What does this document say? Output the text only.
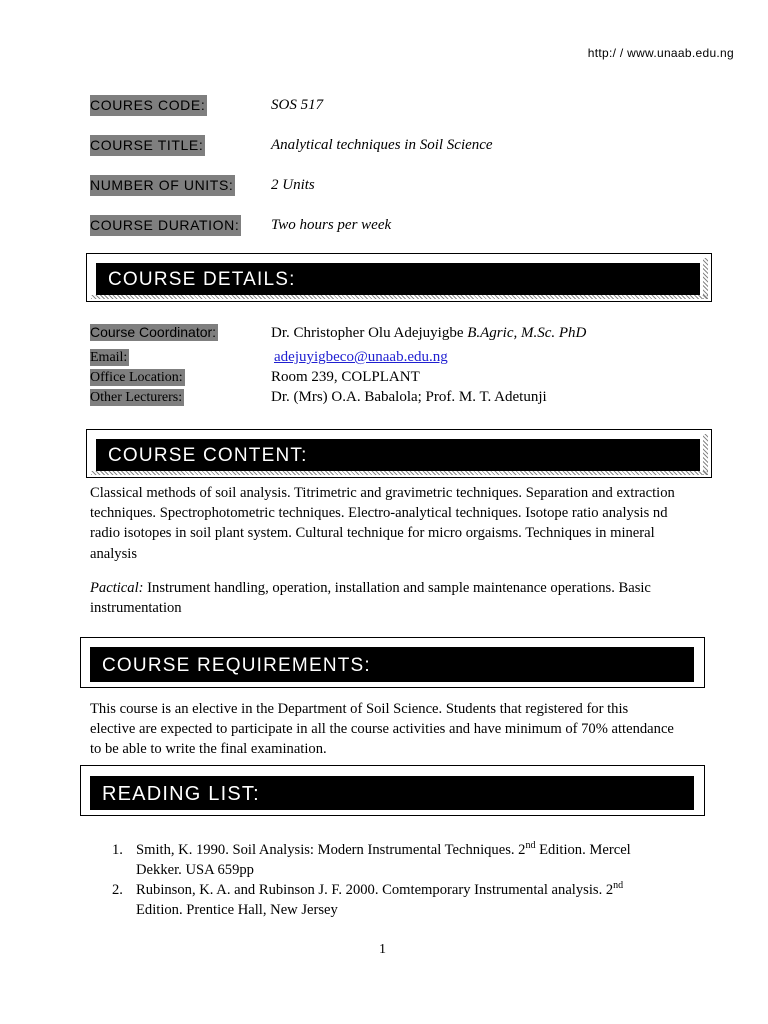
http:/ / www.unaab.edu.ng
COURES CODE:	SOS 517
COURSE TITLE:	Analytical techniques in Soil Science
NUMBER OF UNITS:	2 Units
COURSE DURATION: Two hours per week
COURSE DETAILS:
Course Coordinator:	Dr. Christopher Olu Adejuyigbe B.Agric, M.Sc. PhD
Email:	adejuyigbeco@unaab.edu.ng
Office Location:	Room 239, COLPLANT
Other Lecturers:	Dr. (Mrs) O.A. Babalola; Prof. M. T. Adetunji
COURSE CONTENT:
Classical methods of soil analysis. Titrimetric and gravimetric techniques. Separation and extraction techniques. Spectrophotometric techniques. Electro-analytical techniques. Isotope ratio analysis nd radio isotopes in soil plant system. Cultural technique for micro orgaisms. Techniques in mineral analysis
Pactical: Instrument handling, operation, installation and sample maintenance operations. Basic instrumentation
COURSE REQUIREMENTS:
This course is an elective in the Department of Soil Science. Students that registered for this elective are expected to participate in all the course activities and have minimum of 70% attendance to be able to write the final examination.
READING LIST:
1. Smith, K. 1990. Soil Analysis: Modern Instrumental Techniques. 2nd Edition. Mercel Dekker. USA 659pp
2. Rubinson, K. A. and Rubinson J. F. 2000. Comtemporary Instrumental analysis. 2nd Edition. Prentice Hall, New Jersey
1
